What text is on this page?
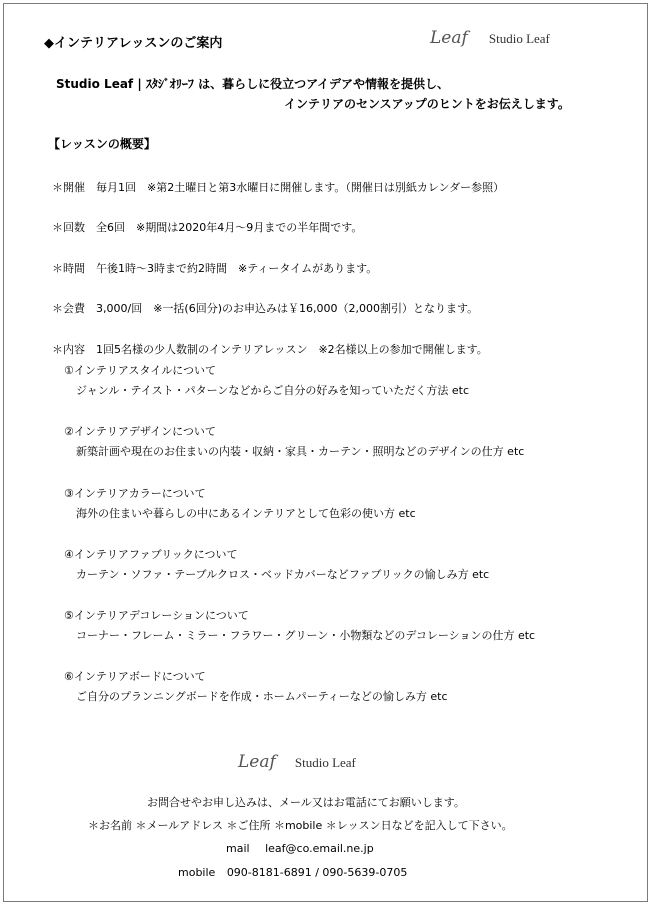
◆インテリアレッスンのご案内	Leaf Studio Leaf
Studio Leaf | ｽﾀｼﾞｵﾘｰﾌ は、暮らしに役立つアイデアや情報を提供し、
インテリアのセンスアップのヒントをお伝えします。
【レッスンの概要】
＊開催　毎月1回　※第2土曜日と第3水曜日に開催します。（開催日は別紙カレンダー参照）
＊回数　全6回　※期間は2020年4月～9月までの半年間です。
＊時間　午後1時～3時まで約2時間　※ティータイムがあります。
＊会費　3,000/回　※一括(6回分)のお申込みは￥16,000（2,000割引）となります。
＊内容　1回5名様の少人数制のインテリアレッスン　※2名様以上の参加で開催します。
①インテリアスタイルについて
ジャンル・テイスト・パターンなどからご自分の好みを知っていただく方法 etc
②インテリアデザインについて
新築計画や現在のお住まいの内装・収納・家具・カーテン・照明などのデザインの仕方 etc
③インテリアカラーについて
海外の住まいや暮らしの中にあるインテリアとして色彩の使い方 etc
④インテリアファブリックについて
カーテン・ソファ・テーブルクロス・ベッドカバーなどファブリックの愉しみ方 etc
⑤インテリアデコレーションについて
コーナー・フレーム・ミラー・フラワー・グリーン・小物類などのデコレーションの仕方 etc
⑥インテリアボードについて
ご自分のプランニングボードを作成・ホームパーティーなどの愉しみ方 etc
Leaf Studio Leaf
お問合せやお申し込みは、メール又はお電話にてお願いします。
＊お名前 ＊メールアドレス ＊ご住所 ＊mobile ＊レッスン日などを記入して下さい。
mail leaf@co.email.ne.jp
mobile 090-8181-6891 / 090-5639-0705
